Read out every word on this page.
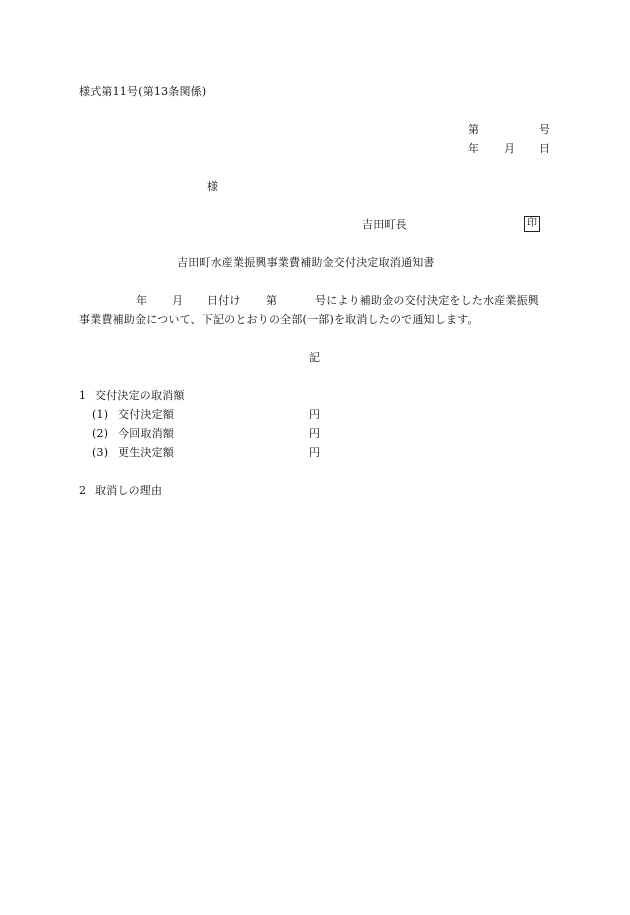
様式第11号(第13条関係)
第	号
年 月 日
様
吉田町長	印
吉田町水産業振興事業費補助金交付決定取消通知書
年 月 日付け 第	号により補助金の交付決定をした水産業振興
事業費補助金について、下記のとおりの全部(一部)を取消したので通知します。
記
1 交付決定の取消額
(1) 交付決定額	円
(2) 今回取消額	円
(3) 更生決定額	円
2 取消しの理由
